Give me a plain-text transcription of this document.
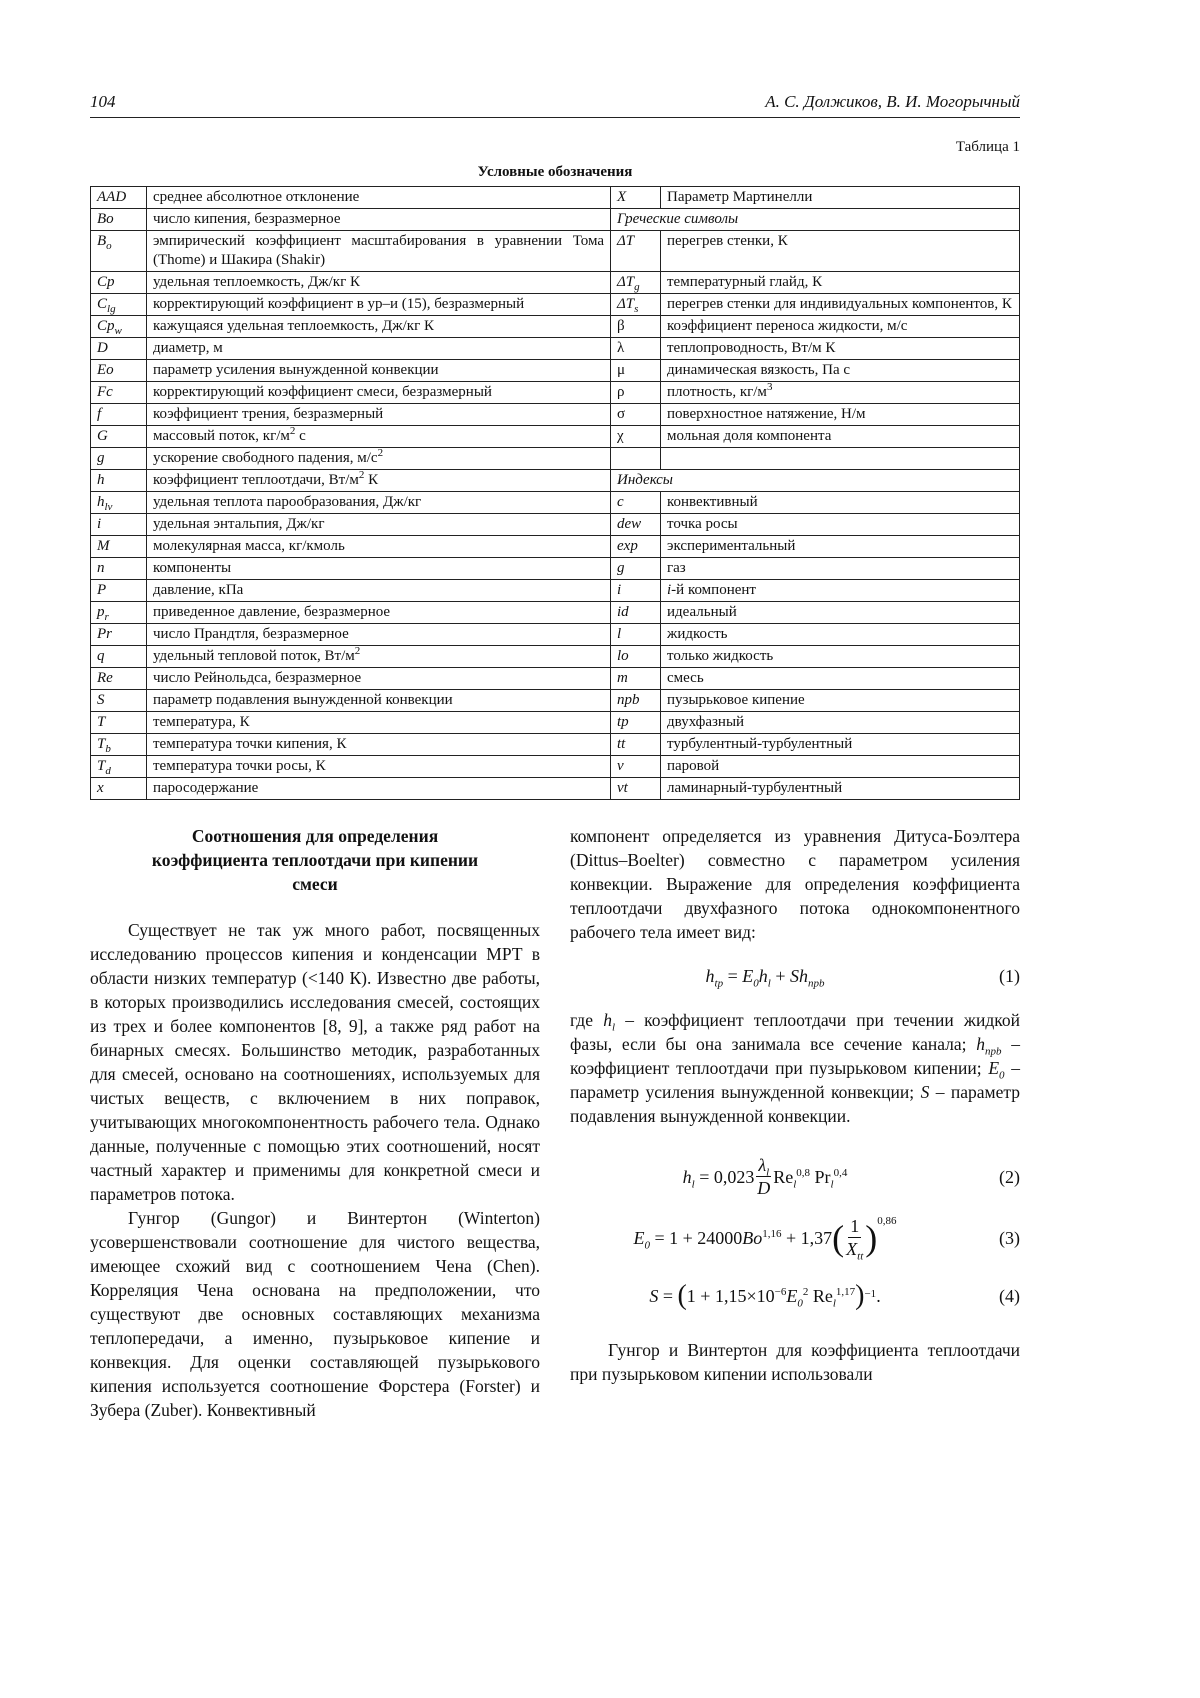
104	А. С. Должиков, В. И. Могорычный
Таблица 1
Условные обозначения
AAD	среднее абсолютное отклонение	X	Параметр Мартинелли
Bo	число кипения, безразмерное	Греческие символы	
$B_o$	эмпирический коэффициент масштабирования в уравнении Тома (Thome) и Шакира (Shakir)	ΔT	перегрев стенки, К
Cp	удельная теплоемкость, Дж/кг К	$\Delta T_g$	температурный глайд, К
$C_{lg}$	корректирующий коэффициент в ур–и (15), безразмерный	$\Delta T_s$	перегрев стенки для индивидуальных компонентов, К
$Cp_w$	кажущаяся удельная теплоемкость, Дж/кг К	β	коэффициент переноса жидкости, м/с
D	диаметр, м	λ	теплопроводность, Вт/м К
Eo	параметр усиления вынужденной конвекции	μ	динамическая вязкость, Па с
Fc	корректирующий коэффициент смеси, безразмерный	ρ	плотность, $кг/м^3$
f	коэффициент трения, безразмерный	σ	поверхностное натяжение, Н/м
G	массовый поток, $кг/м^2$ с	χ	мольная доля компонента
g	ускорение свободного падения, $м/с^2$		
h	коэффициент теплоотдачи, $Вт/м^2$ К	Индексы	
$h_{lv}$	удельная теплота парообразования, Дж/кг	c	конвективный
i	удельная энтальпия, Дж/кг	dew	точка росы
M	молекулярная масса, кг/кмоль	exp	экспериментальный
n	компоненты	g	газ
P	давление, кПа	i	i-й компонент
$p_r$	приведенное давление, безразмерное	id	идеальный
Pr	число Прандтля, безразмерное	l	жидкость
q	удельный тепловой поток, $Вт/м^2$	lo	только жидкость
Re	число Рейнольдса, безразмерное	m	смесь
S	параметр подавления вынужденной конвекции	npb	пузырьковое кипение
T	температура, К	tp	двухфазный
$T_b$	температура точки кипения, К	tt	турбулентный-турбулентный
$T_d$	температура точки росы, К	v	паровой
x	паросодержание	vt	ламинарный-турбулентный
Соотношения для определения коэффициента теплоотдачи при кипении смеси

Существует не так уж много работ, посвященных исследованию процессов кипения и конденсации МРТ в области низких температур (<140 К). Известно две работы, в которых производились исследования смесей, состоящих из трех и более компонентов [8, 9], а также ряд работ на бинарных смесях. Большинство методик, разработанных для смесей, основано на соотношениях, используемых для чистых веществ, с включением в них поправок, учитывающих многокомпонентность рабочего тела. Однако данные, полученные с помощью этих соотношений, носят частный характер и применимы для конкретной смеси и параметров потока.

Гунгор (Gungor) и Винтертон (Winterton) усовершенствовали соотношение для чистого вещества, имеющее схожий вид с соотношением Чена (Chen). Корреляция Чена основана на предположении, что существуют две основных составляющих механизма теплопередачи, а именно, пузырьковое кипение и конвекция. Для оценки составляющей пузырькового кипения используется соотношение Форстера (Forster) и Зубера (Zuber). Конвективный

компонент определяется из уравнения Дитуса-Боэлтера (Dittus–Boelter) совместно с параметром усиления конвекции. Выражение для определения коэффициента теплоотдачи двухфазного потока однокомпонентного рабочего тела имеет вид:

$h_{tp} = E_0$ $h_l + Sh_{npb}$	(1)

где $h_l$ – коэффициент теплоотдачи при течении жидкой фазы, если бы она занимала все сечение канала; $h_{npb}$ – коэффициент теплоотдачи при пузырьковом кипении; $E_0$ – параметр усиления вынужденной конвекции; S – параметр подавления вынужденной конвекции.

$h_l = 0,023 \frac{\lambda_l}{D} Re_l^{0,8}$ $Pr_l^{0,4}$	(2)
$E_0 = 1 + 24000$ Bo$^{1,16}$ + 1,37 ( $\frac{1}{X_{tt}} )^{0,86}$
(3)
S = ( $1 + 1,15\times 10^{-6}$ $E_0^2$ $Re_l^{1,17}$ )$^{-1}$ .	(4)

Гунгор и Винтертон для коэффициента теплоотдачи при пузырьковом кипении использовали
